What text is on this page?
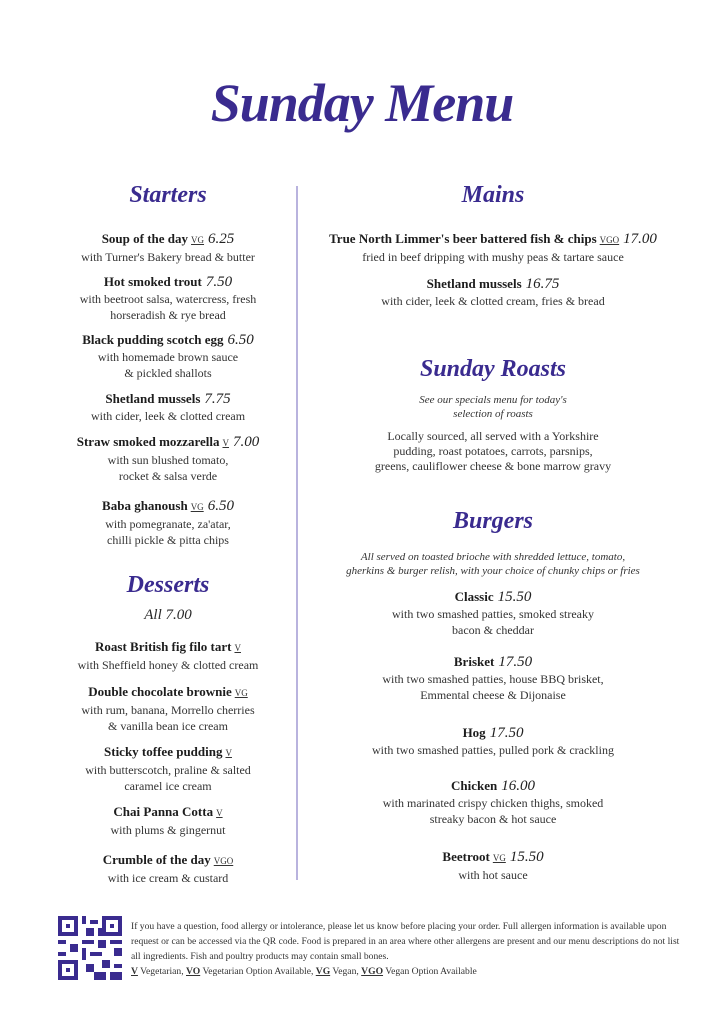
Sunday Menu
Starters
Desserts
All 7.00
Mains
Sunday Roasts
See our specials menu for today's
selection of roasts
Locally sourced, all served with a Yorkshire
pudding, roast potatoes, carrots, parsnips,
greens, cauliflower cheese & bone marrow gravy
Burgers
All served on toasted brioche with shredded lettuce, tomato,
gherkins & burger relish, with your choice of chunky chips or fries
Soup of the day VG 6.25
with Turner's Bakery bread & butter
Hot smoked trout 7.50
with beetroot salsa, watercress, fresh
horseradish & rye bread
Black pudding scotch egg 6.50
with homemade brown sauce
& pickled shallots
Shetland mussels 7.75
with cider, leek & clotted cream
Straw smoked mozzarella V 7.00
with sun blushed tomato,
rocket & salsa verde
Baba ghanoush VG 6.50
with pomegranate, za'atar,
chilli pickle & pitta chips
Roast British fig filo tart V
with Sheffield honey & clotted cream
Double chocolate brownie VG
with rum, banana, Morrello cherries
& vanilla bean ice cream
Sticky toffee pudding V
with butterscotch, praline & salted
caramel ice cream
Chai Panna Cotta V
with plums & gingernut
Crumble of the day VGO
with ice cream & custard
True North Limmer's beer battered fish & chips VGO 17.00
fried in beef dripping with mushy peas & tartare sauce
Shetland mussels 16.75
with cider, leek & clotted cream, fries & bread
Classic 15.50
with two smashed patties, smoked streaky
bacon & cheddar
Brisket 17.50
with two smashed patties, house BBQ brisket,
Emmental cheese & Dijonaise
Hog 17.50
with two smashed patties, pulled pork & crackling
Chicken 16.00
with marinated crispy chicken thighs, smoked
streaky bacon & hot sauce
Beetroot VG 15.50
with hot sauce
If you have a question, food allergy or intolerance, please let us know before placing your order. Full allergen information is available upon request or can be accessed via the QR code. Food is prepared in an area where other allergens are present and our menu descriptions do not list all ingredients. Fish and poultry products may contain small bones.
V Vegetarian, VO Vegetarian Option Available, VG Vegan, VGO Vegan Option Available
